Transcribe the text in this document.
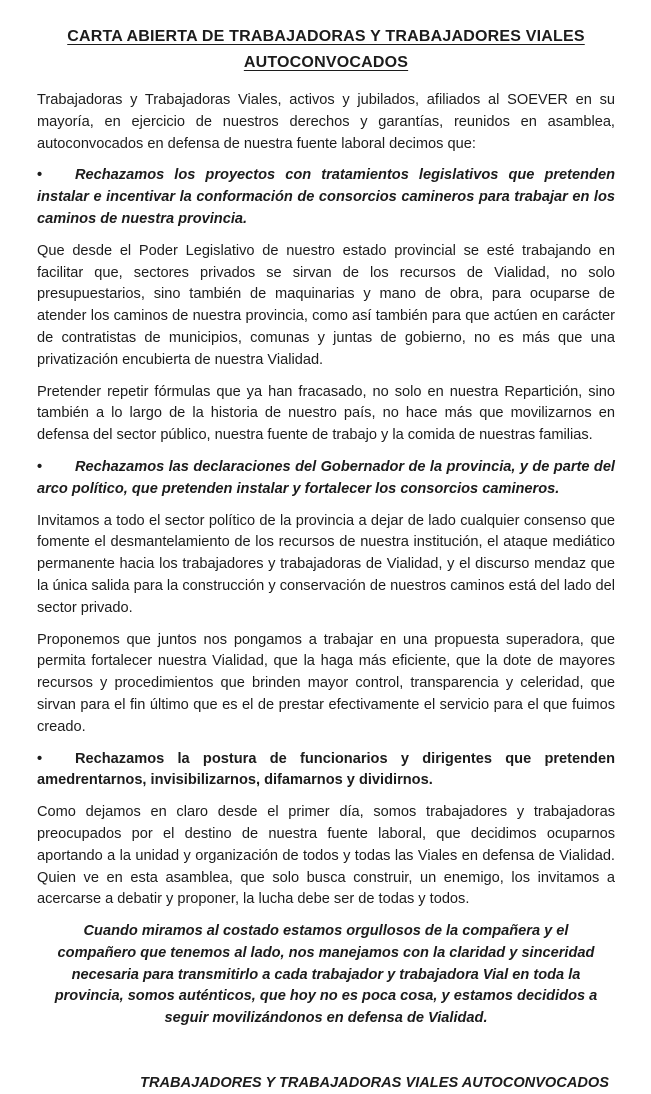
CARTA ABIERTA DE TRABAJADORAS Y TRABAJADORES VIALES
AUTOCONVOCADOS

Trabajadoras y Trabajadoras Viales, activos y jubilados, afiliados al SOEVER en su mayoría, en ejercicio de nuestros derechos y garantías, reunidos en asamblea, autoconvocados en defensa de nuestra fuente laboral decimos que:

• Rechazamos los proyectos con tratamientos legislativos que pretenden instalar e incentivar la conformación de consorcios camineros para trabajar en los caminos de nuestra provincia.

Que desde el Poder Legislativo de nuestro estado provincial se esté trabajando en facilitar que, sectores privados se sirvan de los recursos de Vialidad, no solo presupuestarios, sino también de maquinarias y mano de obra, para ocuparse de atender los caminos de nuestra provincia, como así también para que actúen en carácter de contratistas de municipios, comunas y juntas de gobierno, no es más que una privatización encubierta de nuestra Vialidad.

Pretender repetir fórmulas que ya han fracasado, no solo en nuestra Repartición, sino también a lo largo de la historia de nuestro país, no hace más que movilizarnos en defensa del sector público, nuestra fuente de trabajo y la comida de nuestras familias.

• Rechazamos las declaraciones del Gobernador de la provincia, y de parte del arco político, que pretenden instalar y fortalecer los consorcios camineros.

Invitamos a todo el sector político de la provincia a dejar de lado cualquier consenso que fomente el desmantelamiento de los recursos de nuestra institución, el ataque mediático permanente hacia los trabajadores y trabajadoras de Vialidad, y el discurso mendaz que la única salida para la construcción y conservación de nuestros caminos está del lado del sector privado.

Proponemos que juntos nos pongamos a trabajar en una propuesta superadora, que permita fortalecer nuestra Vialidad, que la haga más eficiente, que la dote de mayores recursos y procedimientos que brinden mayor control, transparencia y celeridad, que sirvan para el fin último que es el de prestar efectivamente el servicio para el que fuimos creado.

• Rechazamos la postura de funcionarios y dirigentes que pretenden amedrentarnos, invisibilizarnos, difamarnos y dividirnos.

Como dejamos en claro desde el primer día, somos trabajadores y trabajadoras preocupados por el destino de nuestra fuente laboral, que decidimos ocuparnos aportando a la unidad y organización de todos y todas las Viales en defensa de Vialidad. Quien ve en esta asamblea, que solo busca construir, un enemigo, los invitamos a acercarse a debatir y proponer, la lucha debe ser de todas y todos.

Cuando miramos al costado estamos orgullosos de la compañera y el compañero que tenemos al lado, nos manejamos con la claridad y sinceridad necesaria para transmitirlo a cada trabajador y trabajadora Vial en toda la provincia, somos auténticos, que hoy no es poca cosa, y estamos decididos a seguir movilizándonos en defensa de Vialidad.

TRABAJADORES Y TRABAJADORAS VIALES AUTOCONVOCADOS
